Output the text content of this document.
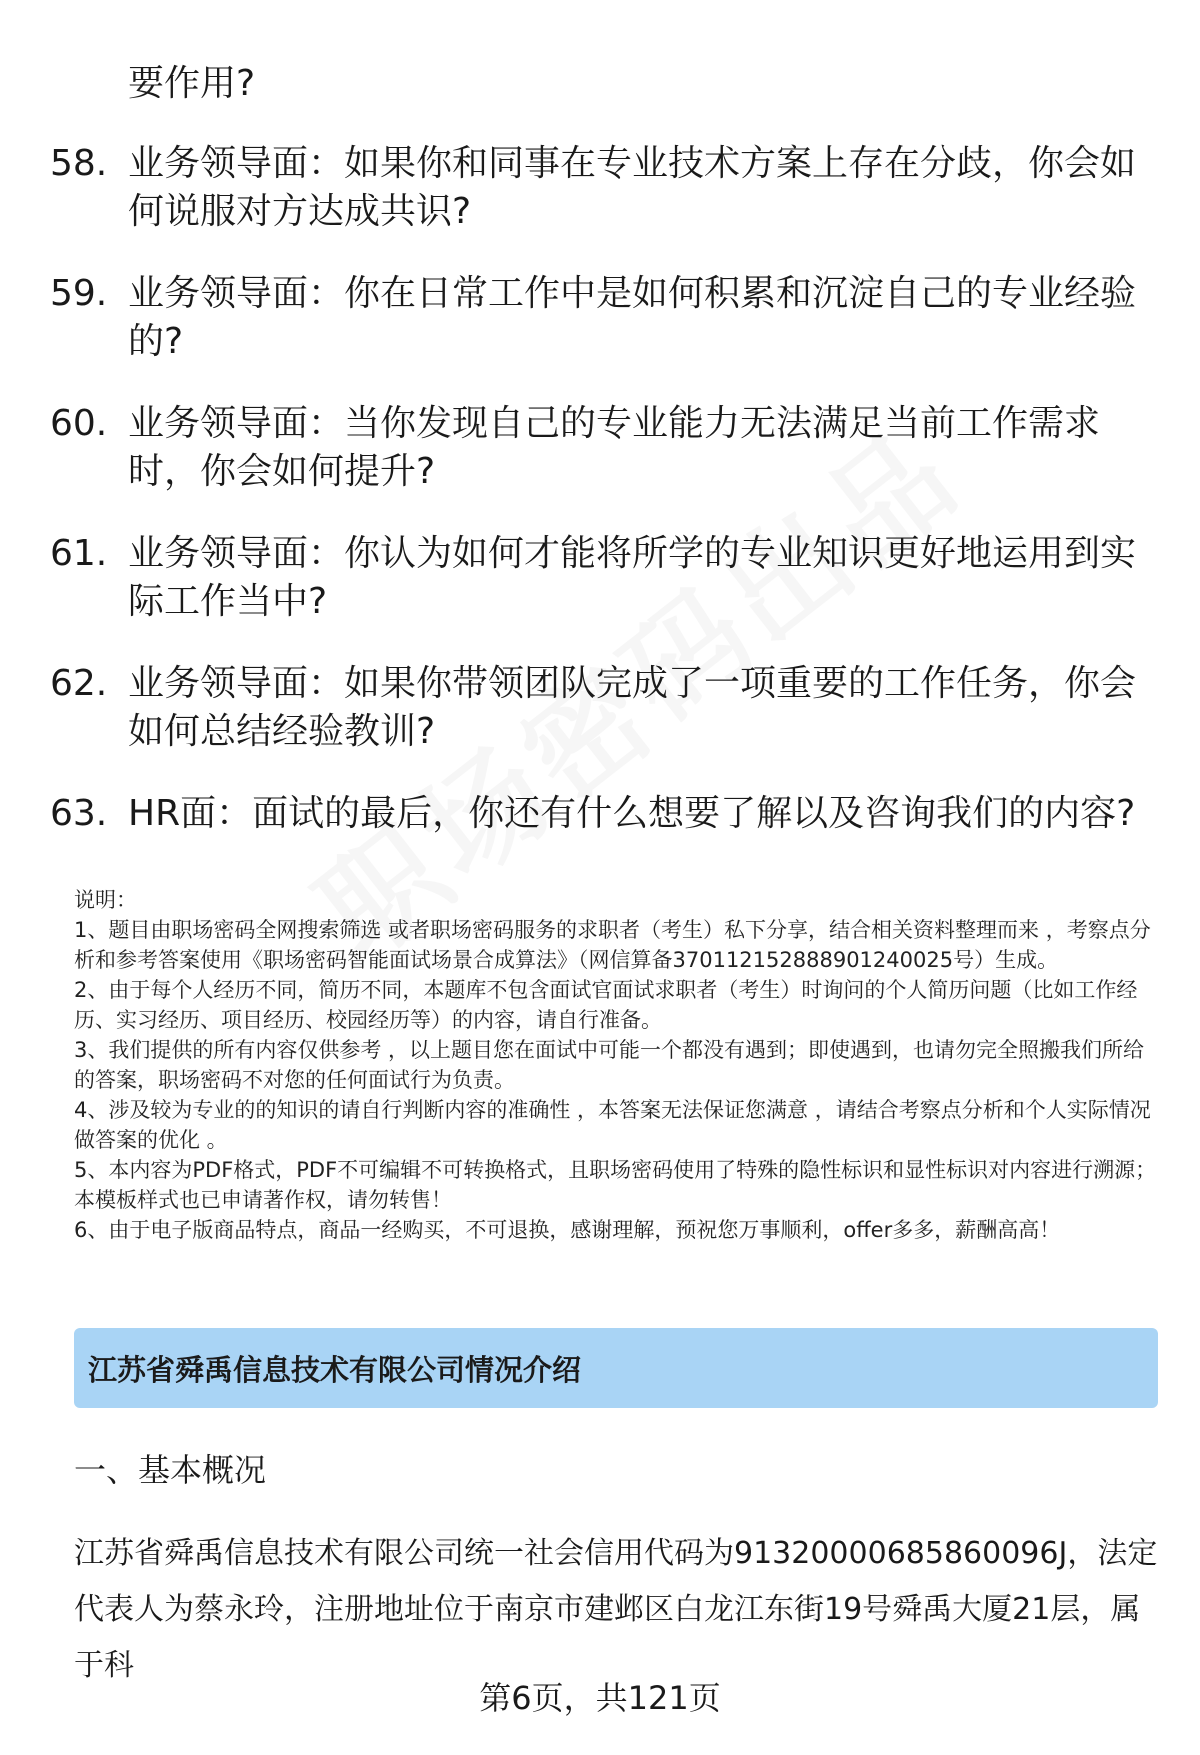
要作用?
58. 业务领导面：如果你和同事在专业技术方案上存在分歧，你会如何说服对方达成共识?
59. 业务领导面：你在日常工作中是如何积累和沉淀自己的专业经验的?
60. 业务领导面：当你发现自己的专业能力无法满足当前工作需求时，你会如何提升?
61. 业务领导面：你认为如何才能将所学的专业知识更好地运用到实际工作当中?
62. 业务领导面：如果你带领团队完成了一项重要的工作任务，你会如何总结经验教训?
63. HR面：面试的最后，你还有什么想要了解以及咨询我们的内容?

说明：

1、题目由职场密码全网搜索筛选 或者职场密码服务的求职者（考生）私下分享，结合相关资料整理而来 ，考察点分析和参考答案使用《职场密码智能面试场景合成算法》（网信算备370112152888901240025号）生成。

2、由于每个人经历不同，简历不同，本题库不包含面试官面试求职者（考生）时询问的个人简历问题（比如工作经历、实习经历、项目经历、校园经历等）的内容，请自行准备。

3、我们提供的所有内容仅供参考 ，以上题目您在面试中可能一个都没有遇到；即使遇到，也请勿完全照搬我们所给的答案，职场密码不对您的任何面试行为负责。

4、涉及较为专业的的知识的请自行判断内容的准确性 ，本答案无法保证您满意 ，请结合考察点分析和个人实际情况做答案的优化 。

5、本内容为PDF格式，PDF不可编辑不可转换格式，且职场密码使用了特殊的隐性标识和显性标识对内容进行溯源；本模板样式也已申请著作权，请勿转售！

6、由于电子版商品特点，商品一经购买，不可退换，感谢理解，预祝您万事顺利，offer多多，薪酬高高！

江苏省舜禹信息技术有限公司情况介绍
一、基本概况
江苏省舜禹信息技术有限公司统一社会信用代码为91320000685860096J，法定代表人为蔡永玲，注册地址位于南京市建邺区白龙江东街19号舜禹大厦21层，属于科
第6页，共121页
